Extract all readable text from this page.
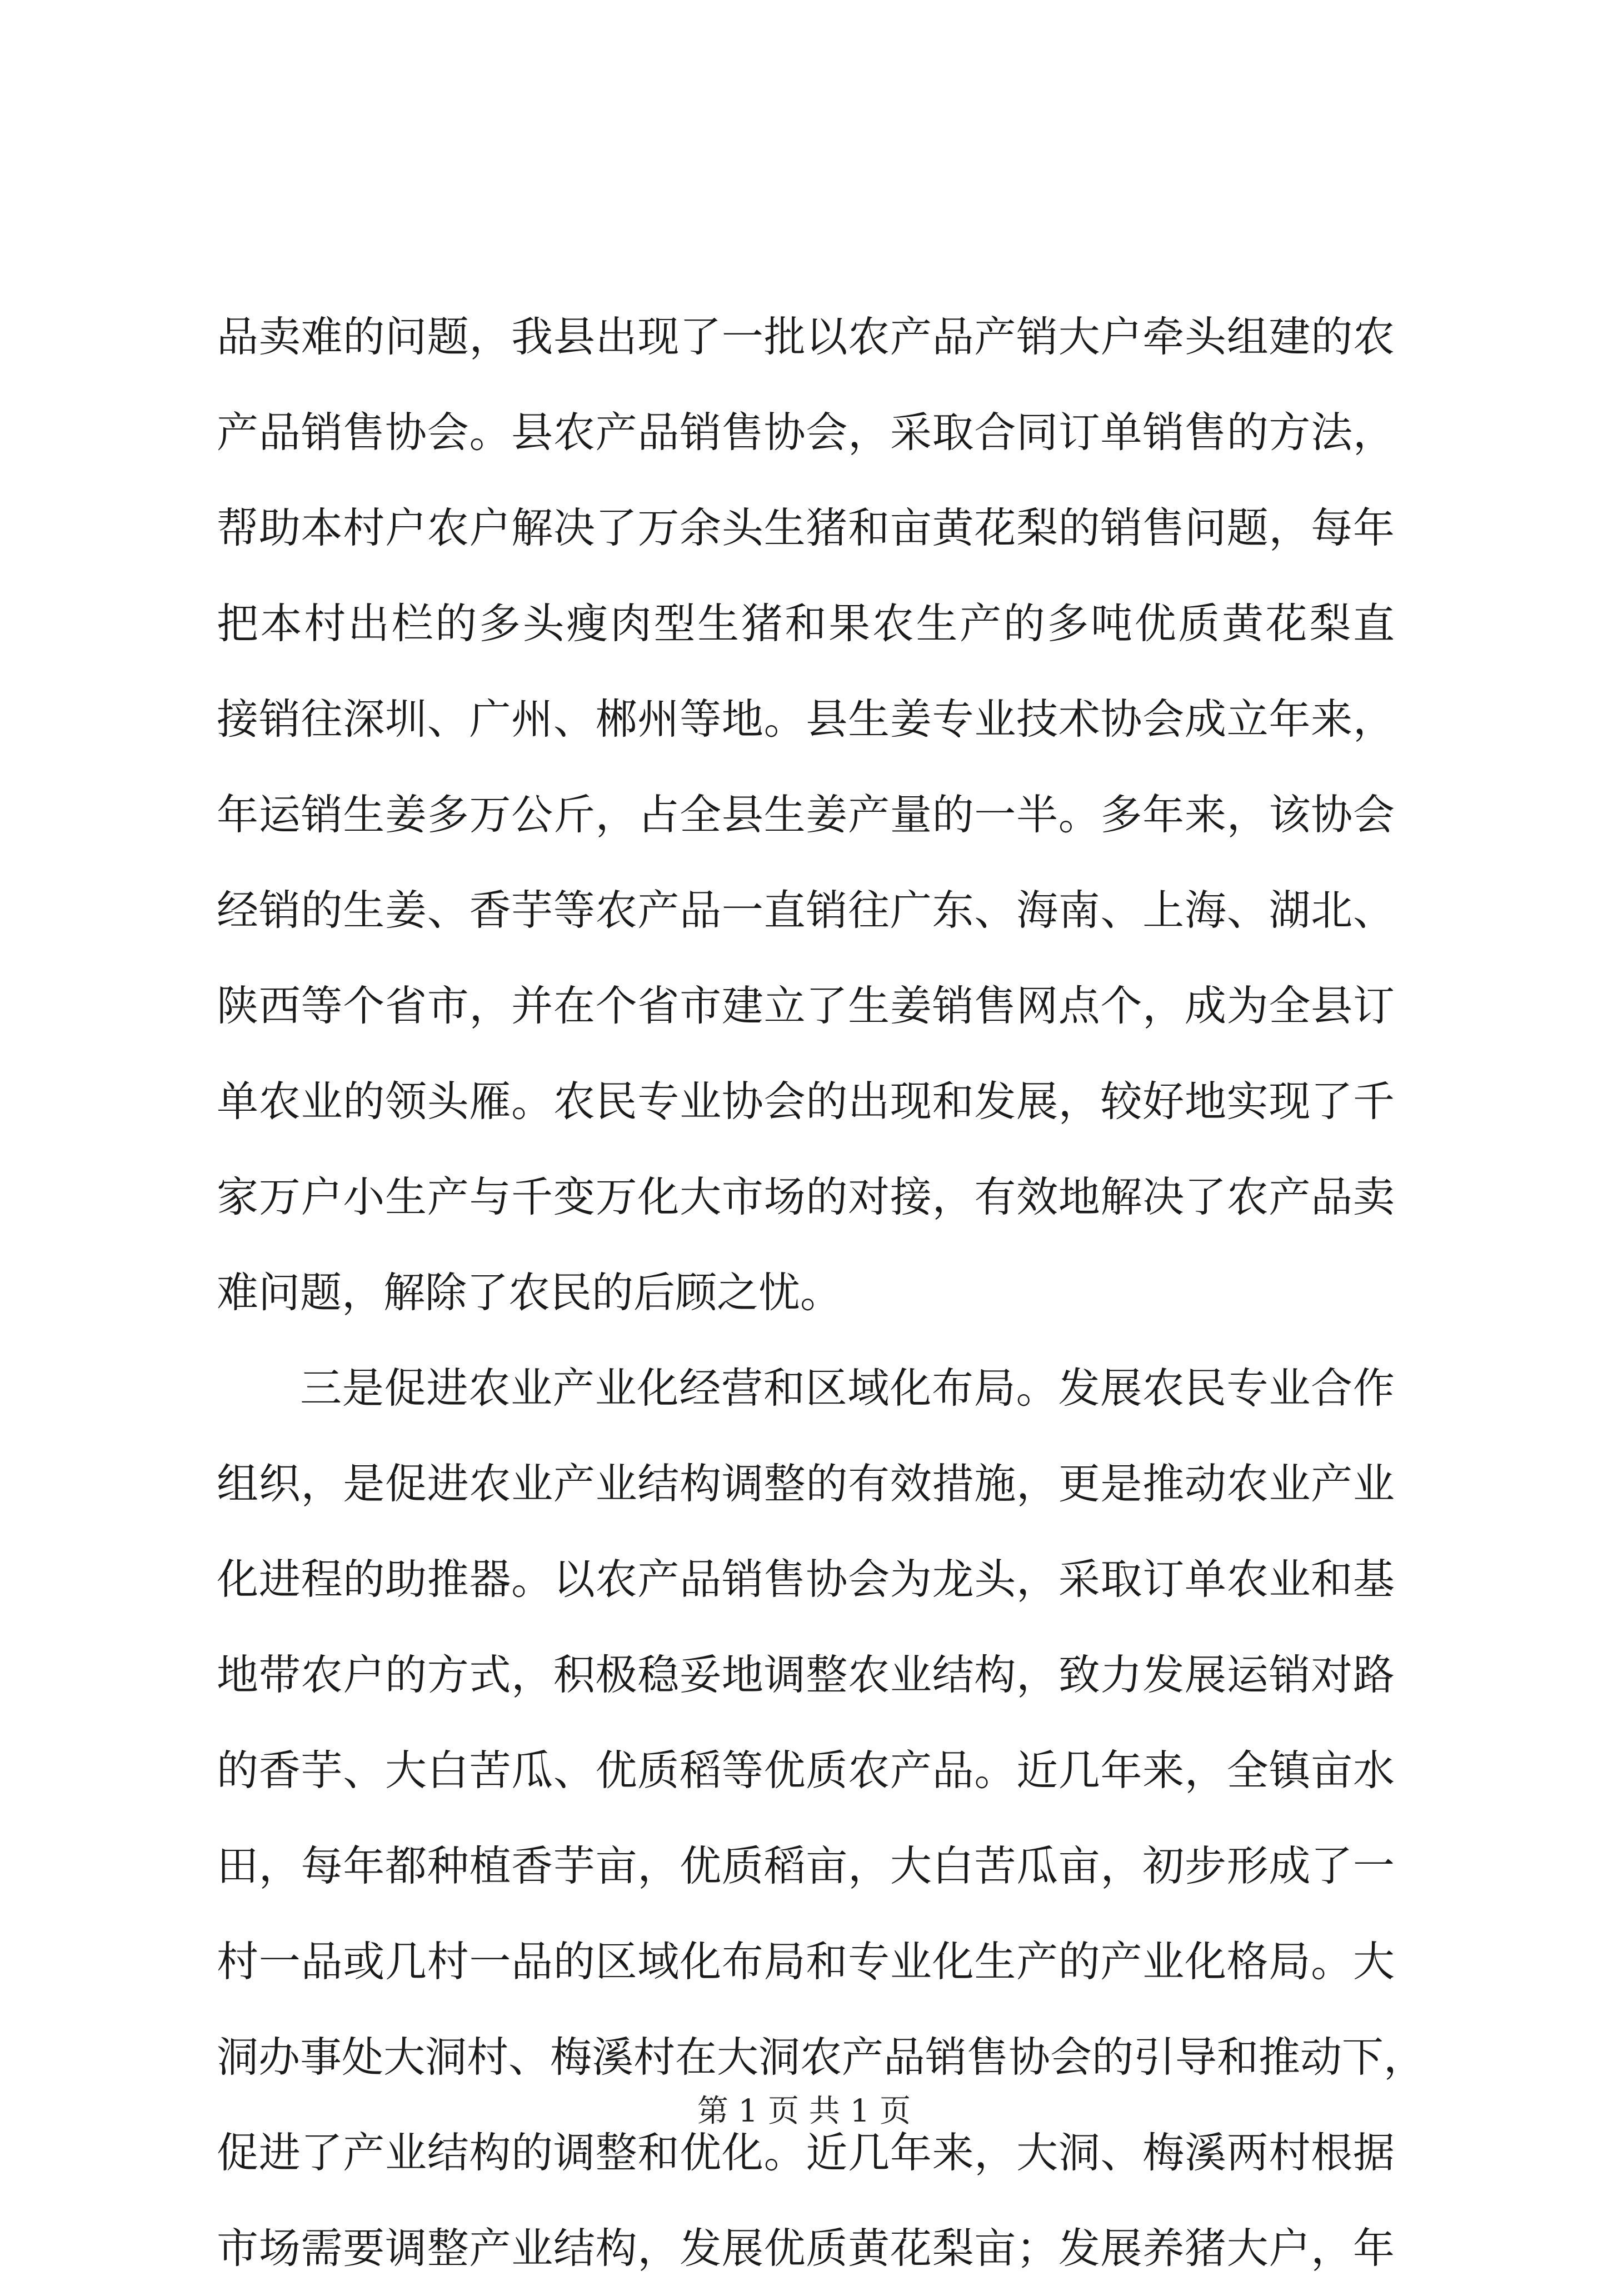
品卖难的问题，我县出现了一批以农产品产销大户牵头组建的农
产品销售协会。县农产品销售协会，采取合同订单销售的方法，
帮助本村户农户解决了万余头生猪和亩黄花梨的销售问题，每年
把本村出栏的多头瘦肉型生猪和果农生产的多吨优质黄花梨直
接销往深圳、广州、郴州等地。县生姜专业技术协会成立年来，
年运销生姜多万公斤，占全县生姜产量的一半。多年来，该协会
经销的生姜、香芋等农产品一直销往广东、海南、上海、湖北、
陕西等个省市，并在个省市建立了生姜销售网点个，成为全县订
单农业的领头雁。农民专业协会的出现和发展，较好地实现了千
家万户小生产与千变万化大市场的对接，有效地解决了农产品卖
难问题，解除了农民的后顾之忧。
三是促进农业产业化经营和区域化布局。发展农民专业合作
组织，是促进农业产业结构调整的有效措施，更是推动农业产业
化进程的助推器。以农产品销售协会为龙头，采取订单农业和基
地带农户的方式，积极稳妥地调整农业结构，致力发展运销对路
的香芋、大白苦瓜、优质稻等优质农产品。近几年来，全镇亩水
田，每年都种植香芋亩，优质稻亩，大白苦瓜亩，初步形成了一
村一品或几村一品的区域化布局和专业化生产的产业化格局。大
洞办事处大洞村、梅溪村在大洞农产品销售协会的引导和推动下，
促进了产业结构的调整和优化。近几年来，大洞、梅溪两村根据
市场需要调整产业结构，发展优质黄花梨亩；发展养猪大户，年
第 1 页 共 1 页
